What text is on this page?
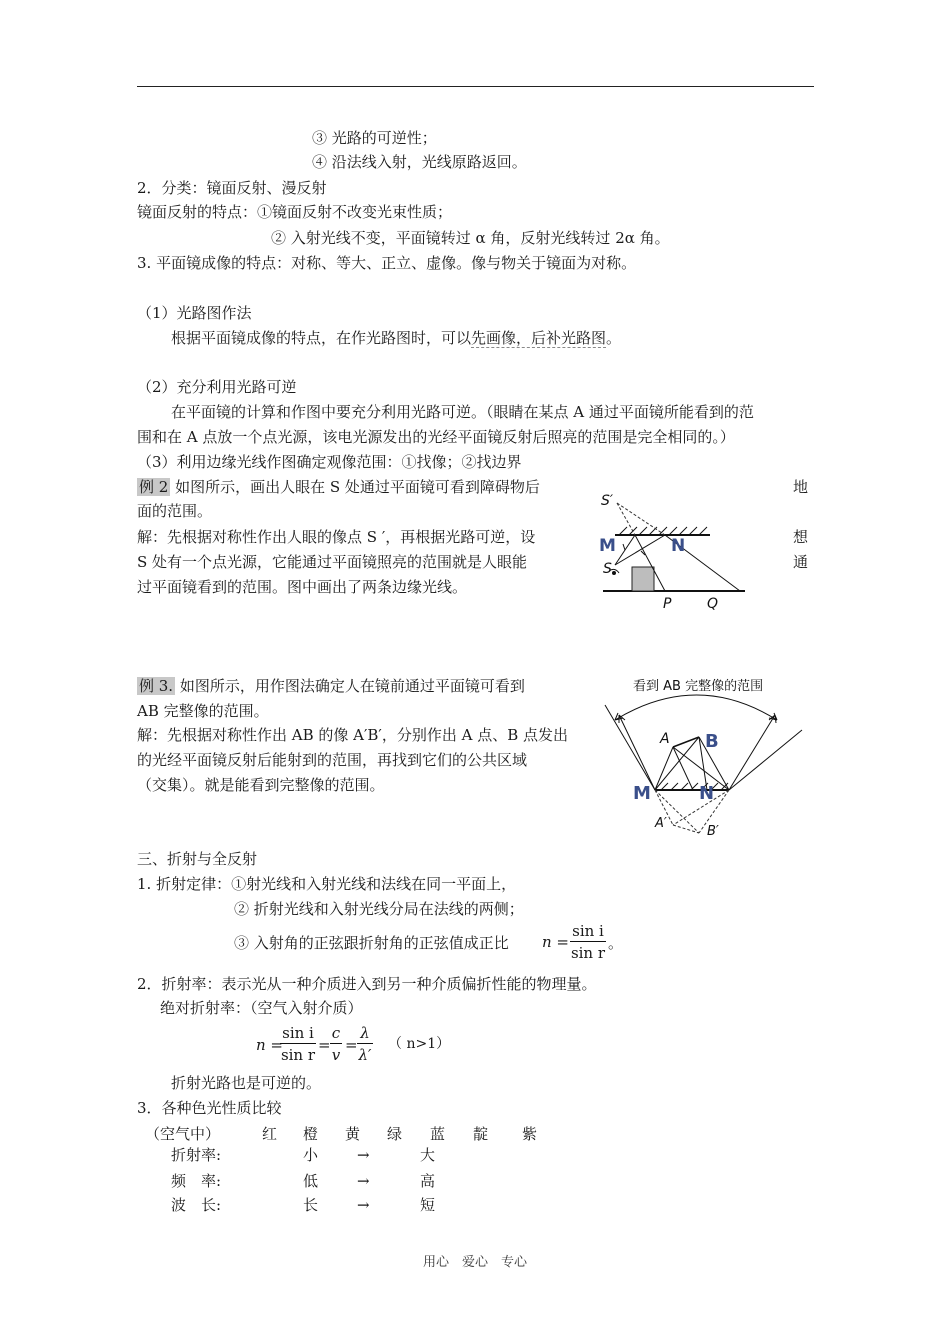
③ 光路的可逆性；
④ 沿法线入射，光线原路返回。
2．分类：镜面反射、漫反射
镜面反射的特点：①镜面反射不改变光束性质；
② 入射光线不变，平面镜转过 α 角，反射光线转过 2α 角。
3. 平面镜成像的特点：对称、等大、正立、虚像。像与物关于镜面为对称。
（1）光路图作法
根据平面镜成像的特点，在作光路图时，可以先画像，后补光路图。
（2）充分利用光路可逆
在平面镜的计算和作图中要充分利用光路可逆。（眼睛在某点 A 通过平面镜所能看到的范
围和在 A 点放一个点光源，该电光源发出的光经平面镜反射后照亮的范围是完全相同的。）
（3）利用边缘光线作图确定观像范围：①找像；②找边界
例 2 如图所示，画出人眼在 S 处通过平面镜可看到障碍物后
面的范围。
解：先根据对称性作出人眼的像点 S ′，再根据光路可逆，设
S 处有一个点光源，它能通过平面镜照亮的范围就是人眼能
过平面镜看到的范围。图中画出了两条边缘光线。
地
想
通
S′
M	N
S
P	Q
例 3. 如图所示，用作图法确定人在镜前通过平面镜可看到
AB 完整像的范围。
解：先根据对称性作出 AB 的像 A′B′，分别作出 A 点、B 点发出
的光经平面镜反射后能射到的范围，再找到它们的公共区域
（交集）。就是能看到完整像的范围。
看到 AB 完整像的范围
A B
M	N
A′
B′
三、折射与全反射
1. 折射定律：①射光线和入射光线和法线在同一平面上，
② 折射光线和入射光线分局在法线的两侧；
③ 入射角的正弦跟折射角的正弦值成正比 n =
sin i
sin r
。
2．折射率：表示光从一种介质进入到另一种介质偏折性能的物理量。
绝对折射率：（空气入射介质）
n =
sin i
sin r
=
c
v
=
λ
λ′
（ n>1）
折射光路也是可逆的。
3．各种色光性质比较
（空气中）	红 橙 黄 绿 蓝 靛 紫
折射率:	小	→	大
频　率:	低	→	高
波　长:	长	→	短
用心　爱心　专心
